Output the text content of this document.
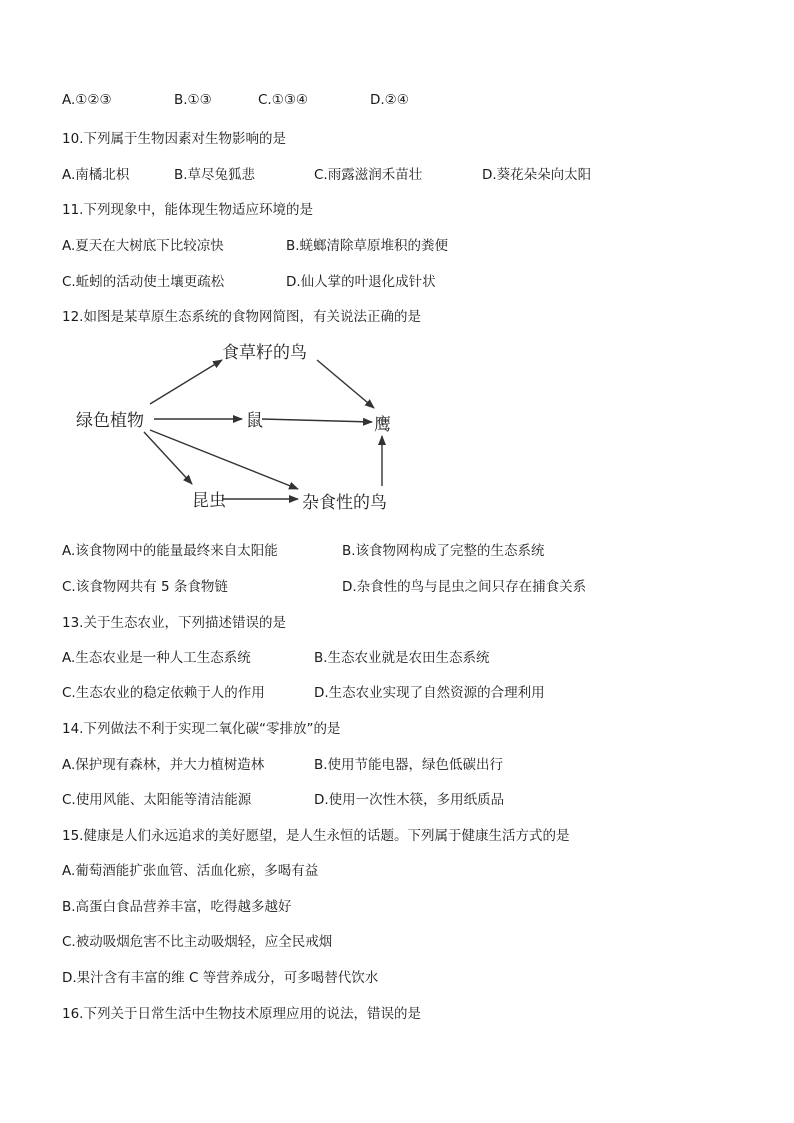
A.①②③	B.①③	C.①③④	D.②④
10.下列属于生物因素对生物影响的是
A.南橘北枳	B.草尽兔狐悲	C.雨露滋润禾苗壮	D.葵花朵朵向太阳
11.下列现象中，能体现生物适应环境的是
A.夏天在大树底下比较凉快	B.蜣螂清除草原堆积的粪便
C.蚯蚓的活动使土壤更疏松	D.仙人掌的叶退化成针状
12.如图是某草原生态系统的食物网简图，有关说法正确的是
绿色植物
食草籽的鸟
鼠	鹰
昆虫	杂食性的鸟
A.该食物网中的能量最终来自太阳能	B.该食物网构成了完整的生态系统
C.该食物网共有 5 条食物链	D.杂食性的鸟与昆虫之间只存在捕食关系
13.关于生态农业，下列描述错误的是
A.生态农业是一种人工生态系统	B.生态农业就是农田生态系统
C.生态农业的稳定依赖于人的作用	D.生态农业实现了自然资源的合理利用
14.下列做法不利于实现二氧化碳“零排放”的是
A.保护现有森林，并大力植树造林	B.使用节能电器，绿色低碳出行
C.使用风能、太阳能等清洁能源	D.使用一次性木筷，多用纸质品
15.健康是人们永远追求的美好愿望，是人生永恒的话题。下列属于健康生活方式的是
A.葡萄酒能扩张血管、活血化瘀，多喝有益
B.高蛋白食品营养丰富，吃得越多越好
C.被动吸烟危害不比主动吸烟轻，应全民戒烟
D.果汁含有丰富的维 C 等营养成分，可多喝替代饮水
16.下列关于日常生活中生物技术原理应用的说法，错误的是
